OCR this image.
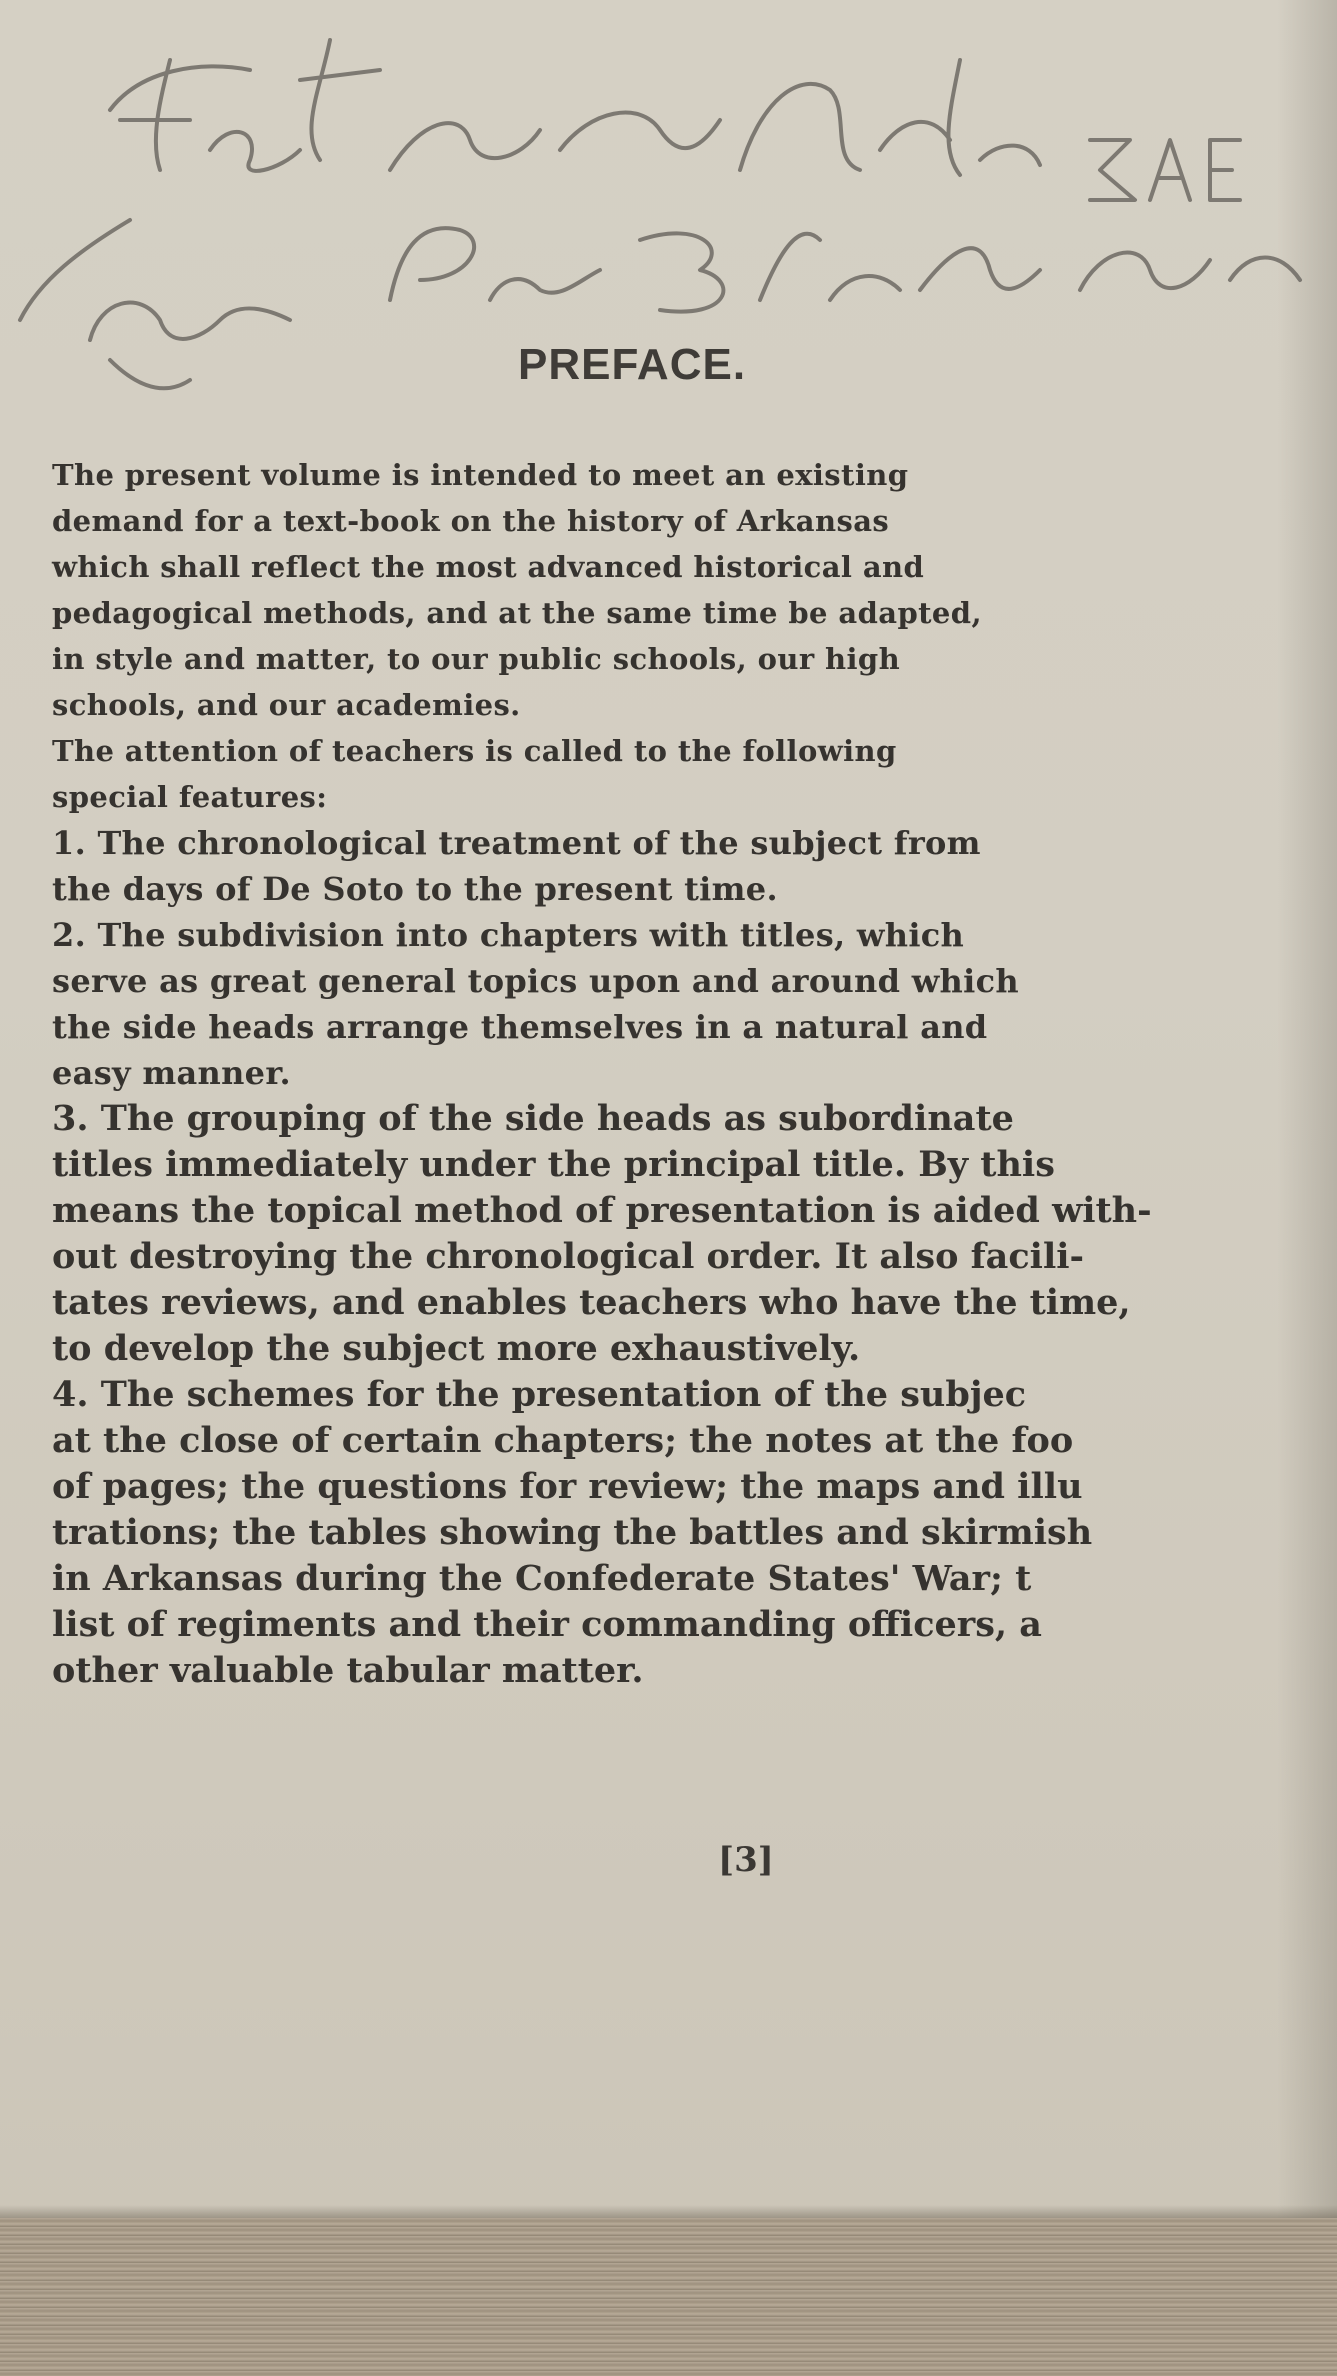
PREFACE.
The present volume is intended to meet an existing
demand for a text-book on the history of Arkansas
which shall reflect the most advanced historical and
pedagogical methods, and at the same time be adapted,
in style and matter, to our public schools, our high
schools, and our academies.
The attention of teachers is called to the following
special features:
1. The chronological treatment of the subject from
the days of De Soto to the present time.
2. The subdivision into chapters with titles, which
serve as great general topics upon and around which
the side heads arrange themselves in a natural and
easy manner.
3. The grouping of the side heads as subordinate
titles immediately under the principal title. By this
means the topical method of presentation is aided with-
out destroying the chronological order. It also facili-
tates reviews, and enables teachers who have the time,
to develop the subject more exhaustively.
4. The schemes for the presentation of the subjec
at the close of certain chapters; the notes at the foo
of pages; the questions for review; the maps and illu
trations; the tables showing the battles and skirmish
in Arkansas during the Confederate States' War; t
list of regiments and their commanding officers, a
other valuable tabular matter.
[3]
